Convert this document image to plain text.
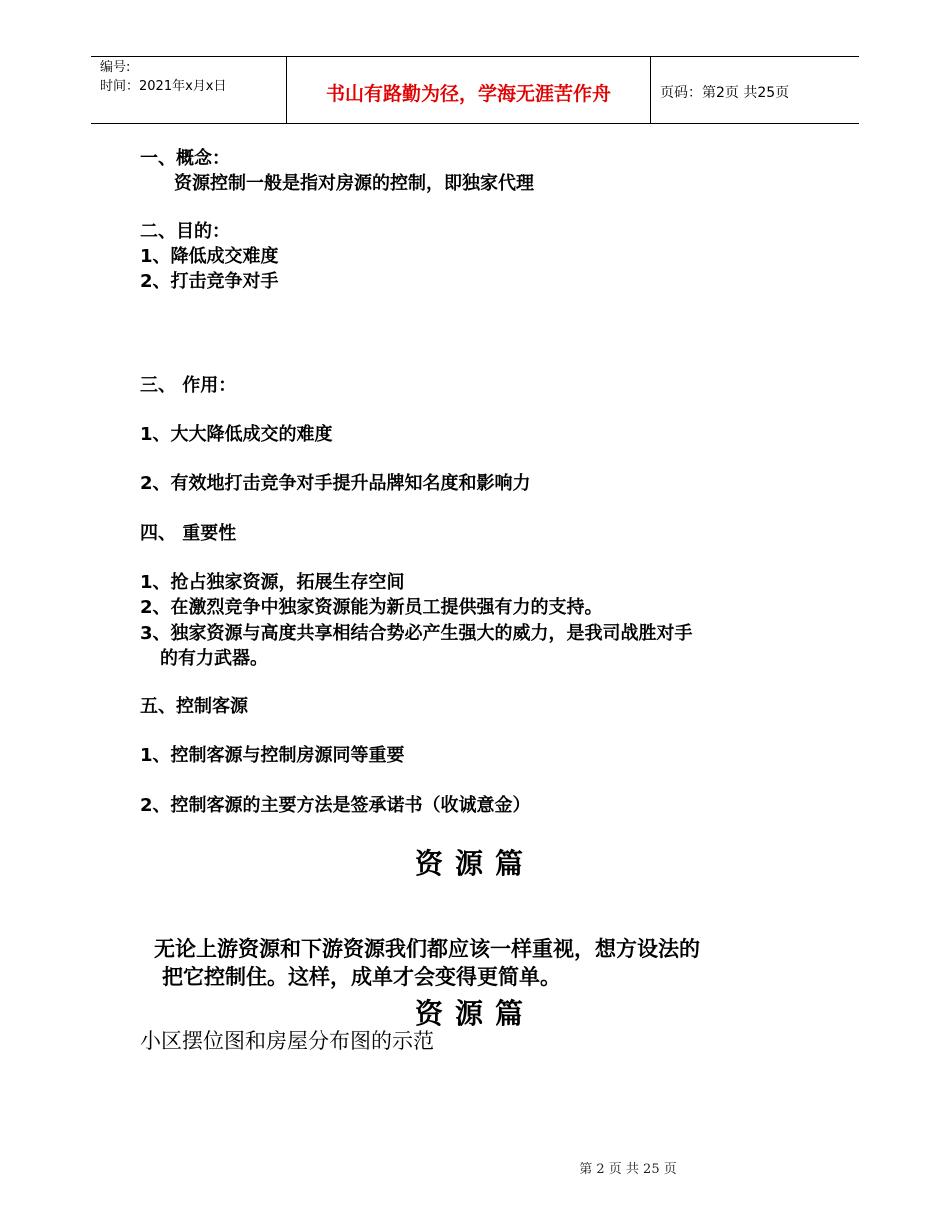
编号:
时间：2021年x月x日	书山有路勤为径，学海无涯苦作舟	页码：第2页 共25页
一、概念：
资源控制一般是指对房源的控制，即独家代理
二、目的：
1、降低成交难度
2、打击竞争对手
三、 作用：
1、大大降低成交的难度
2、有效地打击竞争对手提升品牌知名度和影响力
四、 重要性
1、抢占独家资源，拓展生存空间
2、在激烈竞争中独家资源能为新员工提供强有力的支持。
3、独家资源与高度共享相结合势必产生强大的威力，是我司战胜对手
的有力武器。
五、控制客源
1、控制客源与控制房源同等重要
2、控制客源的主要方法是签承诺书（收诚意金）
资源篇
无论上游资源和下游资源我们都应该一样重视，想方设法的
把它控制住。这样，成单才会变得更简单。
资源篇
小区摆位图和房屋分布图的示范
第 2 页 共 25 页
